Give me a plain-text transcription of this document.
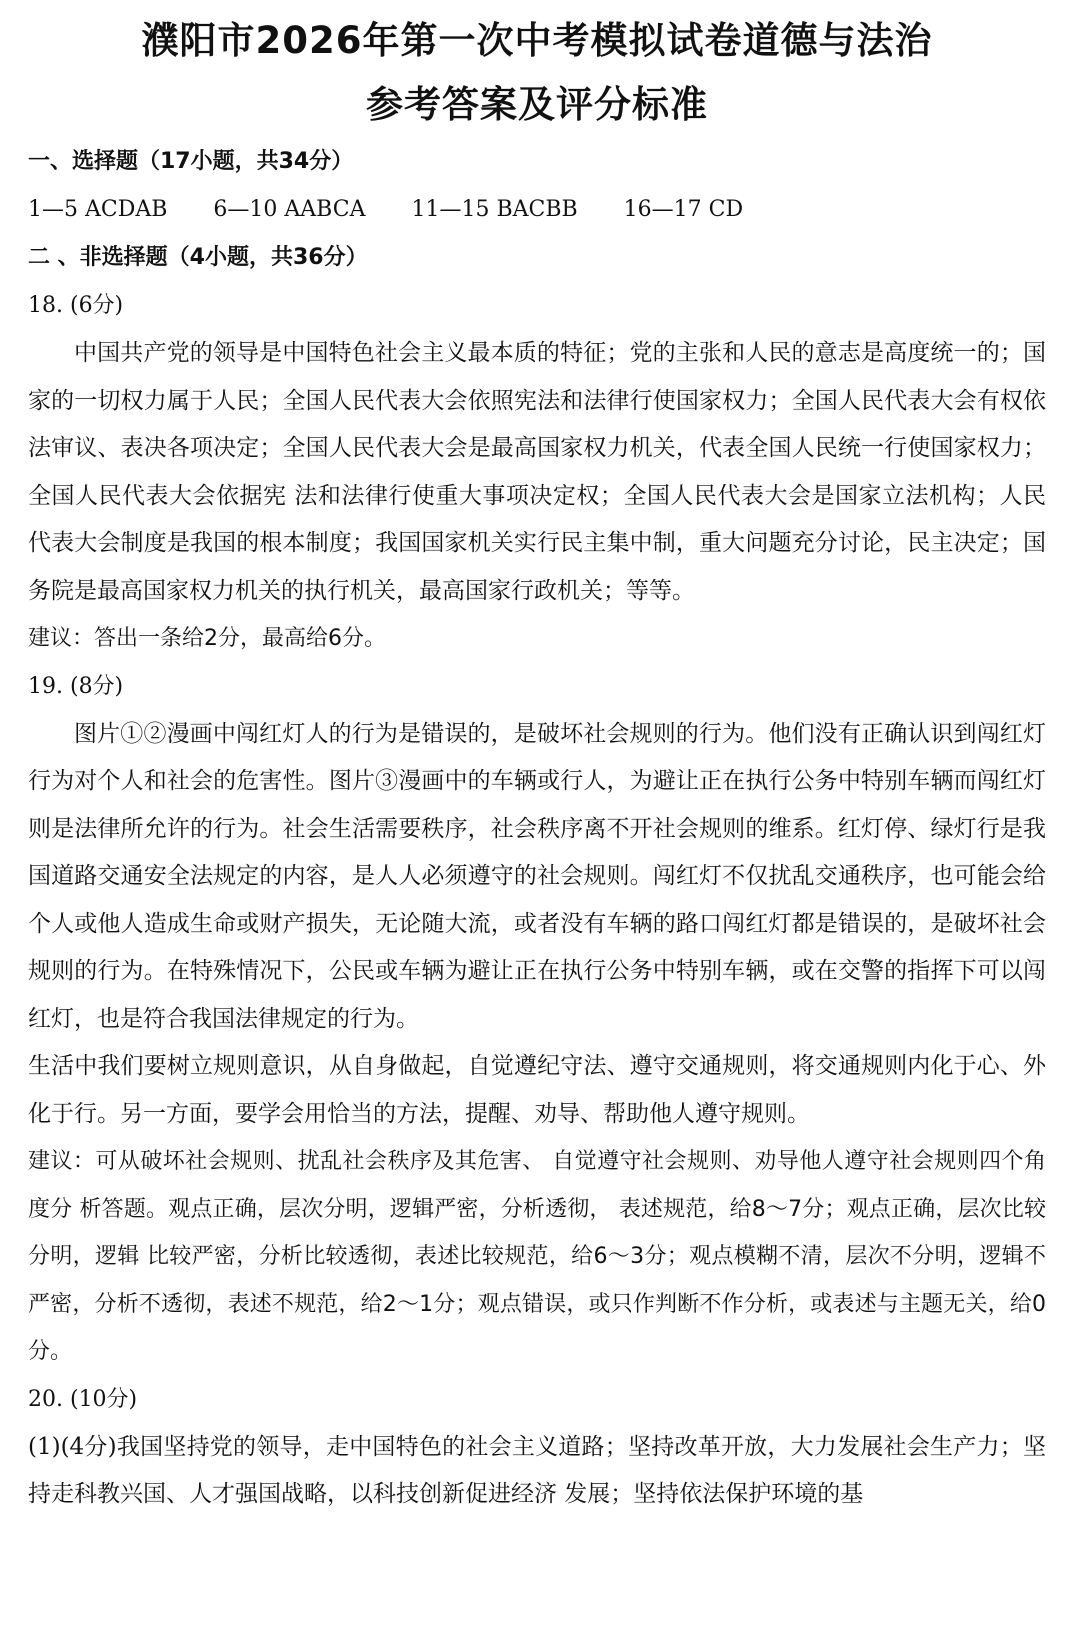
濮阳市2026年第一次中考模拟试卷道德与法治
参考答案及评分标准
一、选择题（17小题，共34分）
1—5 ACDAB 6—10 AABCA 11—15 BACBB 16—17 CD
二 、非选择题（4小题，共36分）
18. (6分)

中国共产党的领导是中国特色社会主义最本质的特征；党的主张和人民的意志是高度统一的；国家的一切权力属于人民；全国人民代表大会依照宪法和法律行使国家权力；全国人民代表大会有权依法审议、表决各项决定；全国人民代表大会是最高国家权力机关，代表全国人民统一行使国家权力；全国人民代表大会依据宪 法和法律行使重大事项决定权；全国人民代表大会是国家立法机构；人民代表大会制度是我国的根本制度；我国国家机关实行民主集中制，重大问题充分讨论，民主决定；国务院是最高国家权力机关的执行机关，最高国家行政机关；等等。

建议：答出一条给2分，最高给6分。

19. (8分)

图片①②漫画中闯红灯人的行为是错误的，是破坏社会规则的行为。他们没有正确认识到闯红灯行为对个人和社会的危害性。图片③漫画中的车辆或行人，为避让正在执行公务中特别车辆而闯红灯则是法律所允许的行为。社会生活需要秩序，社会秩序离不开社会规则的维系。红灯停、绿灯行是我国道路交通安全法规定的内容，是人人必须遵守的社会规则。闯红灯不仅扰乱交通秩序，也可能会给个人或他人造成生命或财产损失，无论随大流，或者没有车辆的路口闯红灯都是错误的，是破坏社会规则的行为。在特殊情况下，公民或车辆为避让正在执行公务中特别车辆，或在交警的指挥下可以闯红灯，也是符合我国法律规定的行为。

生活中我们要树立规则意识，从自身做起，自觉遵纪守法、遵守交通规则，将交通规则内化于心、外化于行。另一方面，要学会用恰当的方法，提醒、劝导、帮助他人遵守规则。

建议：可从破坏社会规则、扰乱社会秩序及其危害、 自觉遵守社会规则、劝导他人遵守社会规则四个角度分 析答题。观点正确，层次分明，逻辑严密，分析透彻， 表述规范，给8～7分；观点正确，层次比较分明，逻辑 比较严密，分析比较透彻，表述比较规范，给6～3分；观点模糊不清，层次不分明，逻辑不严密，分析不透彻，表述不规范，给2～1分；观点错误，或只作判断不作分析，或表述与主题无关，给0分。

20. (10分)

(1)(4分)我国坚持党的领导，走中国特色的社会主义道路；坚持改革开放，大力发展社会生产力；坚持走科教兴国、人才强国战略，以科技创新促进经济 发展；坚持依法保护环境的基
